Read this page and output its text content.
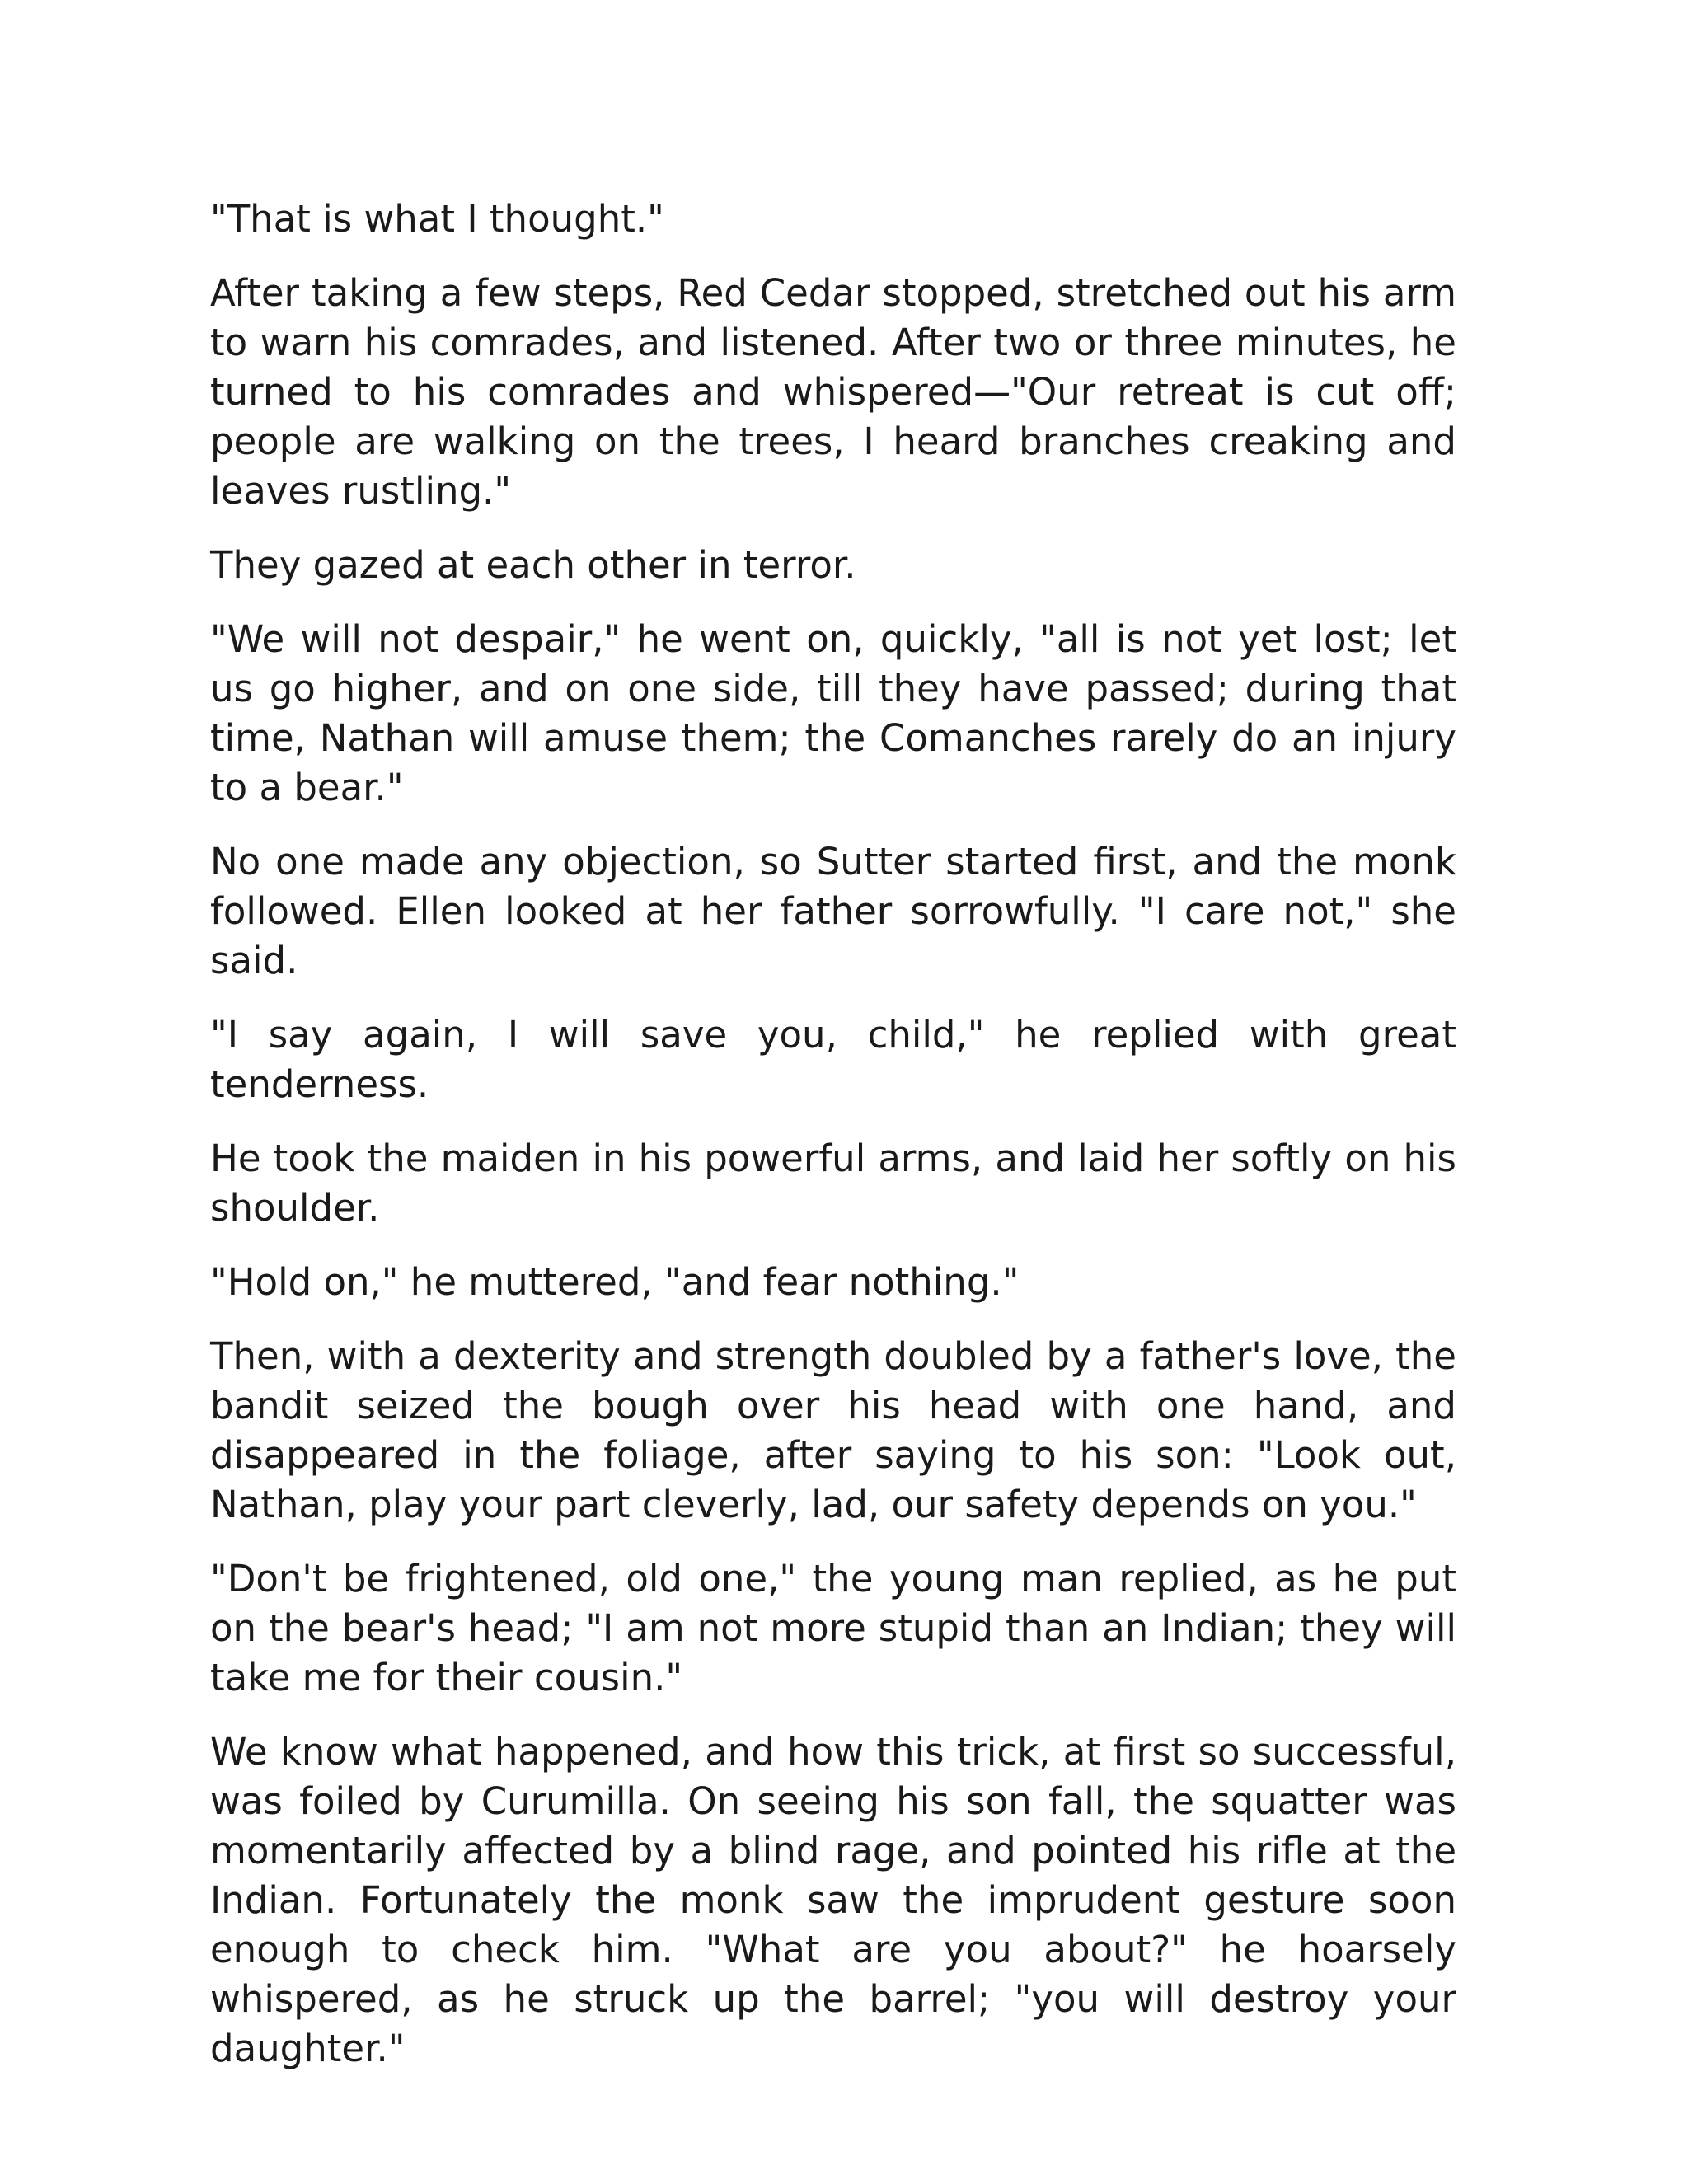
"That is what I thought."

After taking a few steps, Red Cedar stopped, stretched out his arm to warn his comrades, and listened. After two or three minutes, he turned to his comrades and whispered—"Our retreat is cut off; people are walking on the trees, I heard branches creaking and leaves rustling."

They gazed at each other in terror.

"We will not despair," he went on, quickly, "all is not yet lost; let us go higher, and on one side, till they have passed; during that time, Nathan will amuse them; the Comanches rarely do an injury to a bear."

No one made any objection, so Sutter started first, and the monk followed. Ellen looked at her father sorrowfully. "I care not," she said.

"I say again, I will save you, child," he replied with great tenderness.

He took the maiden in his powerful arms, and laid her softly on his shoulder.

"Hold on," he muttered, "and fear nothing."

Then, with a dexterity and strength doubled by a father's love, the bandit seized the bough over his head with one hand, and disappeared in the foliage, after saying to his son: "Look out, Nathan, play your part cleverly, lad, our safety depends on you."

"Don't be frightened, old one," the young man replied, as he put on the bear's head; "I am not more stupid than an Indian; they will take me for their cousin."

We know what happened, and how this trick, at first so successful, was foiled by Curumilla. On seeing his son fall, the squatter was momentarily affected by a blind rage, and pointed his rifle at the Indian. Fortunately the monk saw the imprudent gesture soon enough to check him. "What are you about?" he hoarsely whispered, as he struck up the barrel; "you will destroy your daughter."
